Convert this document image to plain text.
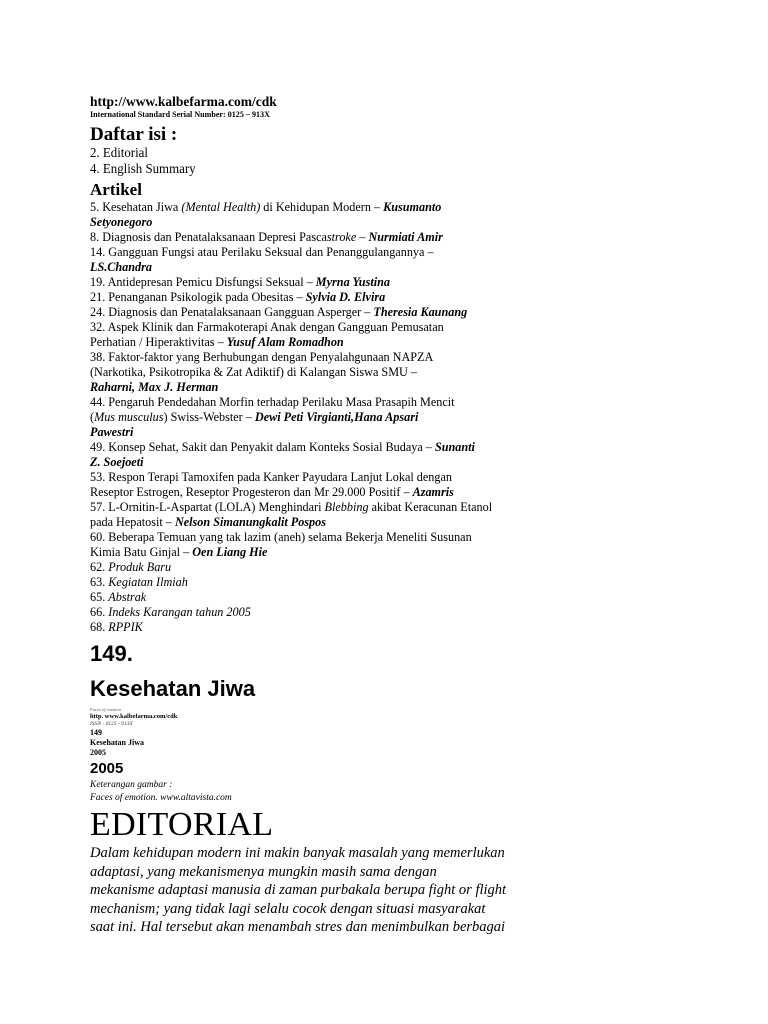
http://www.kalbefarma.com/cdk
International Standard Serial Number: 0125 – 913X
Daftar isi :
2. Editorial
4. English Summary
Artikel
5. Kesehatan Jiwa (Mental Health) di Kehidupan Modern – Kusumanto
Setyonegoro
8. Diagnosis dan Penatalaksanaan Depresi Pascastroke – Nurmiati Amir
14. Gangguan Fungsi atau Perilaku Seksual dan Penanggulangannya –
LS.Chandra
19. Antidepresan Pemicu Disfungsi Seksual – Myrna Yustina
21. Penanganan Psikologik pada Obesitas – Sylvia D. Elvira
24. Diagnosis dan Penatalaksanaan Gangguan Asperger – Theresia Kaunang
32. Aspek Klinik dan Farmakoterapi Anak dengan Gangguan Pemusatan
Perhatian / Hiperaktivitas – Yusuf Alam Romadhon
38. Faktor-faktor yang Berhubungan dengan Penyalahgunaan NAPZA
(Narkotika, Psikotropika & Zat Adiktif) di Kalangan Siswa SMU –
Raharni, Max J. Herman
44. Pengaruh Pendedahan Morfin terhadap Perilaku Masa Prasapih Mencit
(Mus musculus) Swiss-Webster – Dewi Peti Virgianti,Hana Apsari
Pawestri
49. Konsep Sehat, Sakit dan Penyakit dalam Konteks Sosial Budaya – Sunanti
Z. Soejoeti
53. Respon Terapi Tamoxifen pada Kanker Payudara Lanjut Lokal dengan
Reseptor Estrogen, Reseptor Progesteron dan Mr 29.000 Positif – Azamris
57. L-Ornitin-L-Aspartat (LOLA) Menghindari Blebbing akibat Keracunan Etanol
pada Hepatosit – Nelson Simanungkalit Pospos
60. Beberapa Temuan yang tak lazim (aneh) selama Bekerja Meneliti Susunan
Kimia Batu Ginjal – Oen Liang Hie
62. Produk Baru
63. Kegiatan Ilmiah
65. Abstrak
66. Indeks Karangan tahun 2005
68. RPPIK
149.
Kesehatan Jiwa
Faces of emotion
http. www.kalbefarma.com/cdk
ISSN : 0125 - 913X
149
Kesehatan Jiwa
2005
2005
Keterangan gambar :
Faces of emotion. www.altavista.com
EDITORIAL
Dalam kehidupan modern ini makin banyak masalah yang memerlukan
adaptasi, yang mekanismenya mungkin masih sama dengan
mekanisme adaptasi manusia di zaman purbakala berupa fight or flight
mechanism; yang tidak lagi selalu cocok dengan situasi masyarakat
saat ini. Hal tersebut akan menambah stres dan menimbulkan berbagai
